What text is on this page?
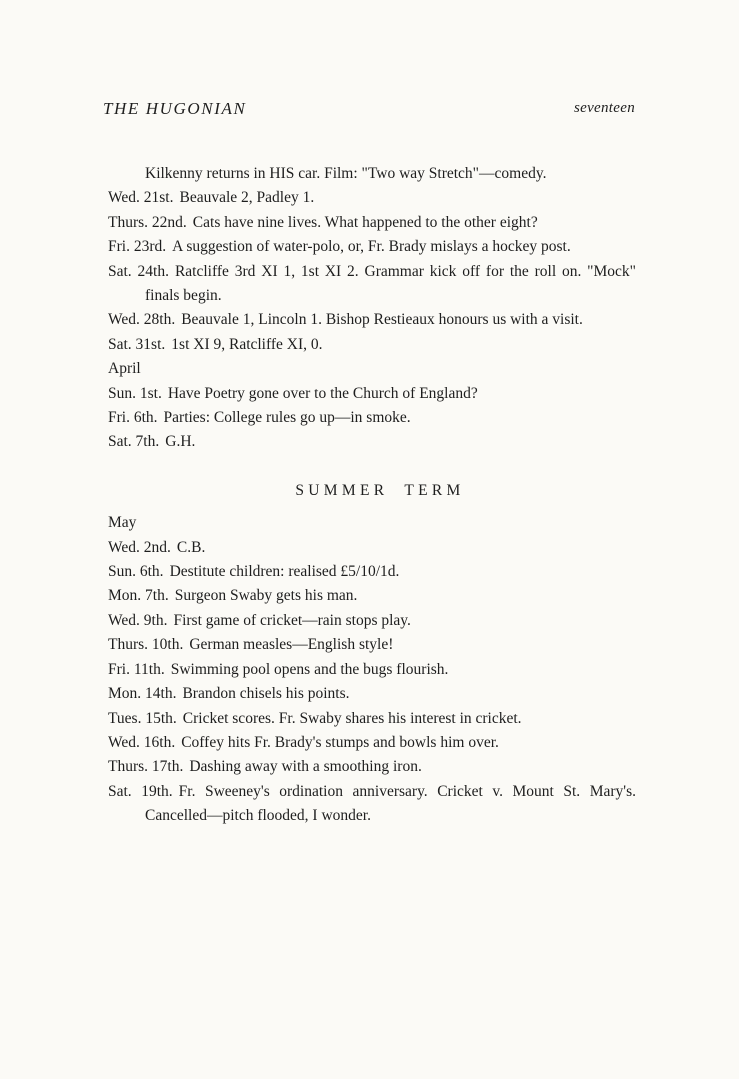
THE HUGONIAN	seventeen
Kilkenny returns in HIS car. Film: "Two way Stretch"—comedy.
Wed. 21st. Beauvale 2, Padley 1.
Thurs. 22nd. Cats have nine lives. What happened to the other eight?
Fri. 23rd. A suggestion of water-polo, or, Fr. Brady mislays a hockey post.
Sat. 24th. Ratcliffe 3rd XI 1, 1st XI 2. Grammar kick off for the roll on. "Mock" finals begin.
Wed. 28th. Beauvale 1, Lincoln 1. Bishop Restieaux honours us with a visit.
Sat. 31st. 1st XI 9, Ratcliffe XI, 0.
April
Sun. 1st. Have Poetry gone over to the Church of England?
Fri. 6th. Parties: College rules go up—in smoke.
Sat. 7th. G.H.
SUMMER TERM
May
Wed. 2nd. C.B.
Sun. 6th. Destitute children: realised £5/10/1d.
Mon. 7th. Surgeon Swaby gets his man.
Wed. 9th. First game of cricket—rain stops play.
Thurs. 10th. German measles—English style!
Fri. 11th. Swimming pool opens and the bugs flourish.
Mon. 14th. Brandon chisels his points.
Tues. 15th. Cricket scores. Fr. Swaby shares his interest in cricket.
Wed. 16th. Coffey hits Fr. Brady's stumps and bowls him over.
Thurs. 17th. Dashing away with a smoothing iron.
Sat. 19th. Fr. Sweeney's ordination anniversary. Cricket v. Mount St. Mary's. Cancelled—pitch flooded, I wonder.
